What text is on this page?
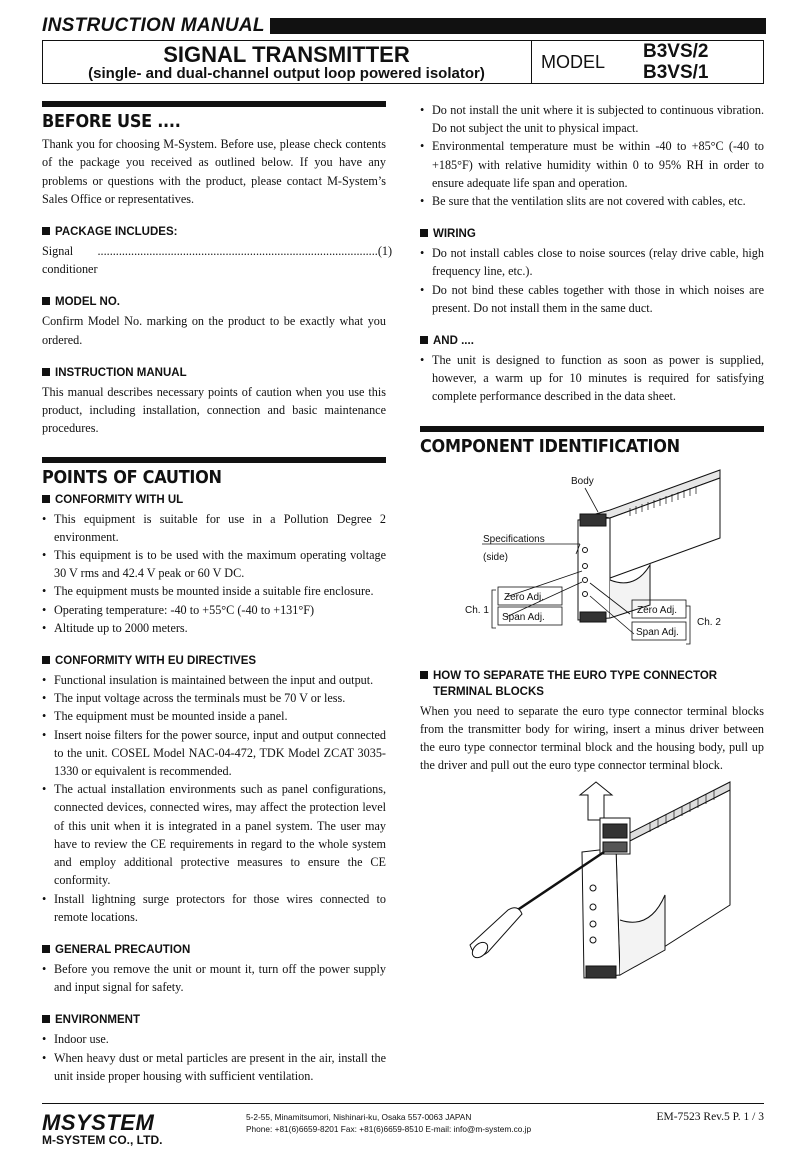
INSTRUCTION MANUAL
SIGNAL TRANSMITTER
(single- and dual-channel output loop powered isolator)
MODEL B3VS/2
B3VS/1
BEFORE USE ....

Thank you for choosing M-System. Before use, please check contents of the package you received as outlined below. If you have any problems or questions with the product, please contact M-System’s Sales Office or representatives.

PACKAGE INCLUDES:
Signal conditioner
............................................................................................ (1)
MODEL NO.

Confirm Model No. marking on the product to be exactly what you ordered.

INSTRUCTION MANUAL

This manual describes necessary points of caution when you use this product, including installation, connection and basic maintenance procedures.

POINTS OF CAUTION
CONFORMITY WITH UL
• This equipment is suitable for use in a Pollution Degree 2 environment.
• This equipment is to be used with the maximum operating voltage 30 V rms and 42.4 V peak or 60 V DC.
• The equipment musts be mounted inside a suitable fire enclosure.
• Operating temperature: -40 to +55°C (-40 to +131°F)
• Altitude up to 2000 meters.
CONFORMITY WITH EU DIRECTIVES
• Functional insulation is maintained between the input and output.
• The input voltage across the terminals must be 70 V or less.
• The equipment must be mounted inside a panel.
• Insert noise filters for the power source, input and output connected to the unit. COSEL Model NAC-04-472, TDK Model ZCAT 3035-1330 or equivalent is recommended.
• The actual installation environments such as panel configurations, connected devices, connected wires, may affect the protection level of this unit when it is integrated in a panel system. The user may have to review the CE requirements in regard to the whole system and employ additional protective measures to ensure the CE conformity.
• Install lightning surge protectors for those wires connected to remote locations.
GENERAL PRECAUTION
• Before you remove the unit or mount it, turn off the power supply and input signal for safety.
ENVIRONMENT
• Indoor use.
• When heavy dust or metal particles are present in the air, install the unit inside proper housing with sufficient ventilation.
• Do not install the unit where it is subjected to continuous vibration. Do not subject the unit to physical impact.
• Environmental temperature must be within -40 to +85°C (-40 to +185°F) with relative humidity within 0 to 95% RH in order to ensure adequate life span and operation.
• Be sure that the ventilation slits are not covered with cables, etc.
WIRING
• Do not install cables close to noise sources (relay drive cable, high frequency line, etc.).
• Do not bind these cables together with those in which noises are present. Do not install them in the same duct.
AND ....
• The unit is designed to function as soon as power is supplied, however, a warm up for 10 minutes is required for satisfying complete performance described in the data sheet.
COMPONENT IDENTIFICATION
HOW TO SEPARATE THE EURO TYPE CONNECTOR TERMINAL BLOCKS

When you need to separate the euro type connector terminal blocks from the transmitter body for wiring, insert a minus driver between the euro type connector terminal block and the housing body, pull up the driver and pull out the euro type connector terminal block.

Body
Specifications
(side)
Ch. 1
Zero Adj.
Span Adj.
Zero Adj.
Span Adj.
Ch. 2
MSYSTEM
M-SYSTEM CO., LTD.
5-2-55, Minamitsumori, Nishinari-ku, Osaka 557-0063 JAPAN
Phone: +81(6)6659-8201 Fax: +81(6)6659-8510 E-mail: info@m-system.co.jp
EM-7523 Rev.5 P. 1 / 3
